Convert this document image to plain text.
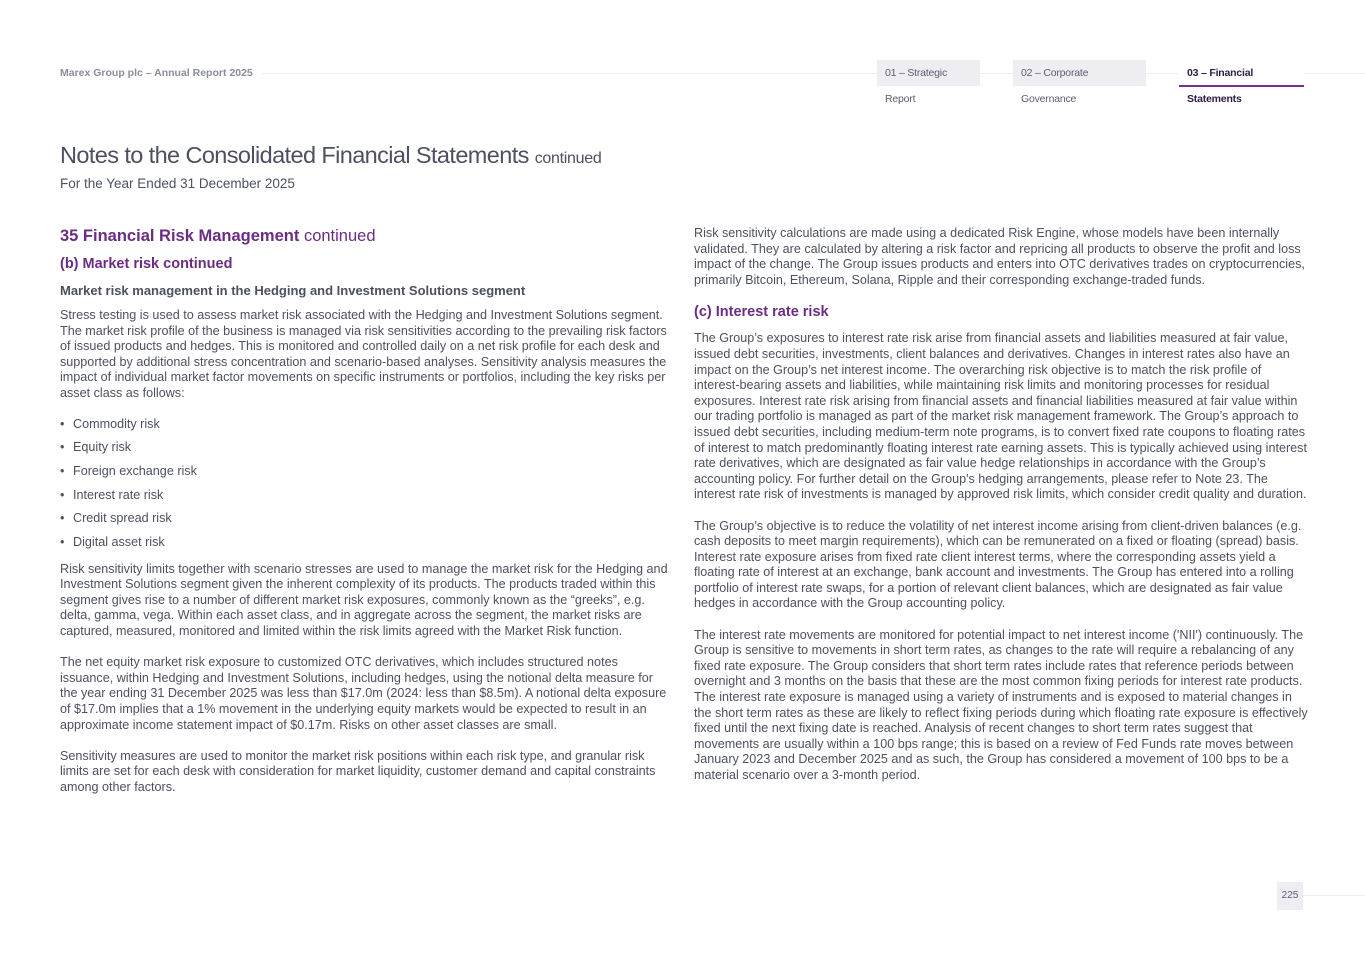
Marex Group plc – Annual Report 2025	01 – Strategic Report
02 – Corporate Governance
03 – Financial Statements
Notes to the Consolidated Financial Statements continued
For the Year Ended 31 December 2025
35 Financial Risk Management continued
(b) Market risk continued
Market risk management in the Hedging and Investment Solutions segment

Stress testing is used to assess market risk associated with the Hedging and Investment Solutions segment. The market risk profile of the business is managed via risk sensitivities according to the prevailing risk factors of issued products and hedges. This is monitored and controlled daily on a net risk profile for each desk and supported by additional stress concentration and scenario-based analyses. Sensitivity analysis measures the impact of individual market factor movements on specific instruments or portfolios, including the key risks per asset class as follows:

• Commodity risk
• Equity risk
• Foreign exchange risk
• Interest rate risk
• Credit spread risk
• Digital asset risk

Risk sensitivity limits together with scenario stresses are used to manage the market risk for the Hedging and Investment Solutions segment given the inherent complexity of its products. The products traded within this segment gives rise to a number of different market risk exposures, commonly known as the “greeks”, e.g. delta, gamma, vega. Within each asset class, and in aggregate across the segment, the market risks are captured, measured, monitored and limited within the risk limits agreed with the Market Risk function.

The net equity market risk exposure to customized OTC derivatives, which includes structured notes issuance, within Hedging and Investment Solutions, including hedges, using the notional delta measure for the year ending 31 December 2025 was less than $17.0m (2024: less than $8.5m). A notional delta exposure of $17.0m implies that a 1% movement in the underlying equity markets would be expected to result in an approximate income statement impact of $0.17m. Risks on other asset classes are small.

Sensitivity measures are used to monitor the market risk positions within each risk type, and granular risk limits are set for each desk with consideration for market liquidity, customer demand and capital constraints among other factors.

Risk sensitivity calculations are made using a dedicated Risk Engine, whose models have been internally validated. They are calculated by altering a risk factor and repricing all products to observe the profit and loss impact of the change. The Group issues products and enters into OTC derivatives trades on cryptocurrencies, primarily Bitcoin, Ethereum, Solana, Ripple and their corresponding exchange-traded funds.

(c) Interest rate risk

The Group’s exposures to interest rate risk arise from financial assets and liabilities measured at fair value, issued debt securities, investments, client balances and derivatives. Changes in interest rates also have an impact on the Group’s net interest income. The overarching risk objective is to match the risk profile of interest-bearing assets and liabilities, while maintaining risk limits and monitoring processes for residual exposures. Interest rate risk arising from financial assets and financial liabilities measured at fair value within our trading portfolio is managed as part of the market risk management framework. The Group’s approach to issued debt securities, including medium-term note programs, is to convert fixed rate coupons to floating rates of interest to match predominantly floating interest rate earning assets. This is typically achieved using interest rate derivatives, which are designated as fair value hedge relationships in accordance with the Group’s accounting policy. For further detail on the Group's hedging arrangements, please refer to Note 23. The interest rate risk of investments is managed by approved risk limits, which consider credit quality and duration.

The Group’s objective is to reduce the volatility of net interest income arising from client-driven balances (e.g. cash deposits to meet margin requirements), which can be remunerated on a fixed or floating (spread) basis. Interest rate exposure arises from fixed rate client interest terms, where the corresponding assets yield a floating rate of interest at an exchange, bank account and investments. The Group has entered into a rolling portfolio of interest rate swaps, for a portion of relevant client balances, which are designated as fair value hedges in accordance with the Group accounting policy.

The interest rate movements are monitored for potential impact to net interest income ('NII') continuously. The Group is sensitive to movements in short term rates, as changes to the rate will require a rebalancing of any fixed rate exposure. The Group considers that short term rates include rates that reference periods between overnight and 3 months on the basis that these are the most common fixing periods for interest rate products. The interest rate exposure is managed using a variety of instruments and is exposed to material changes in the short term rates as these are likely to reflect fixing periods during which floating rate exposure is effectively fixed until the next fixing date is reached. Analysis of recent changes to short term rates suggest that movements are usually within a 100 bps range; this is based on a review of Fed Funds rate moves between January 2023 and December 2025 and as such, the Group has considered a movement of 100 bps to be a material scenario over a 3-month period.

225
